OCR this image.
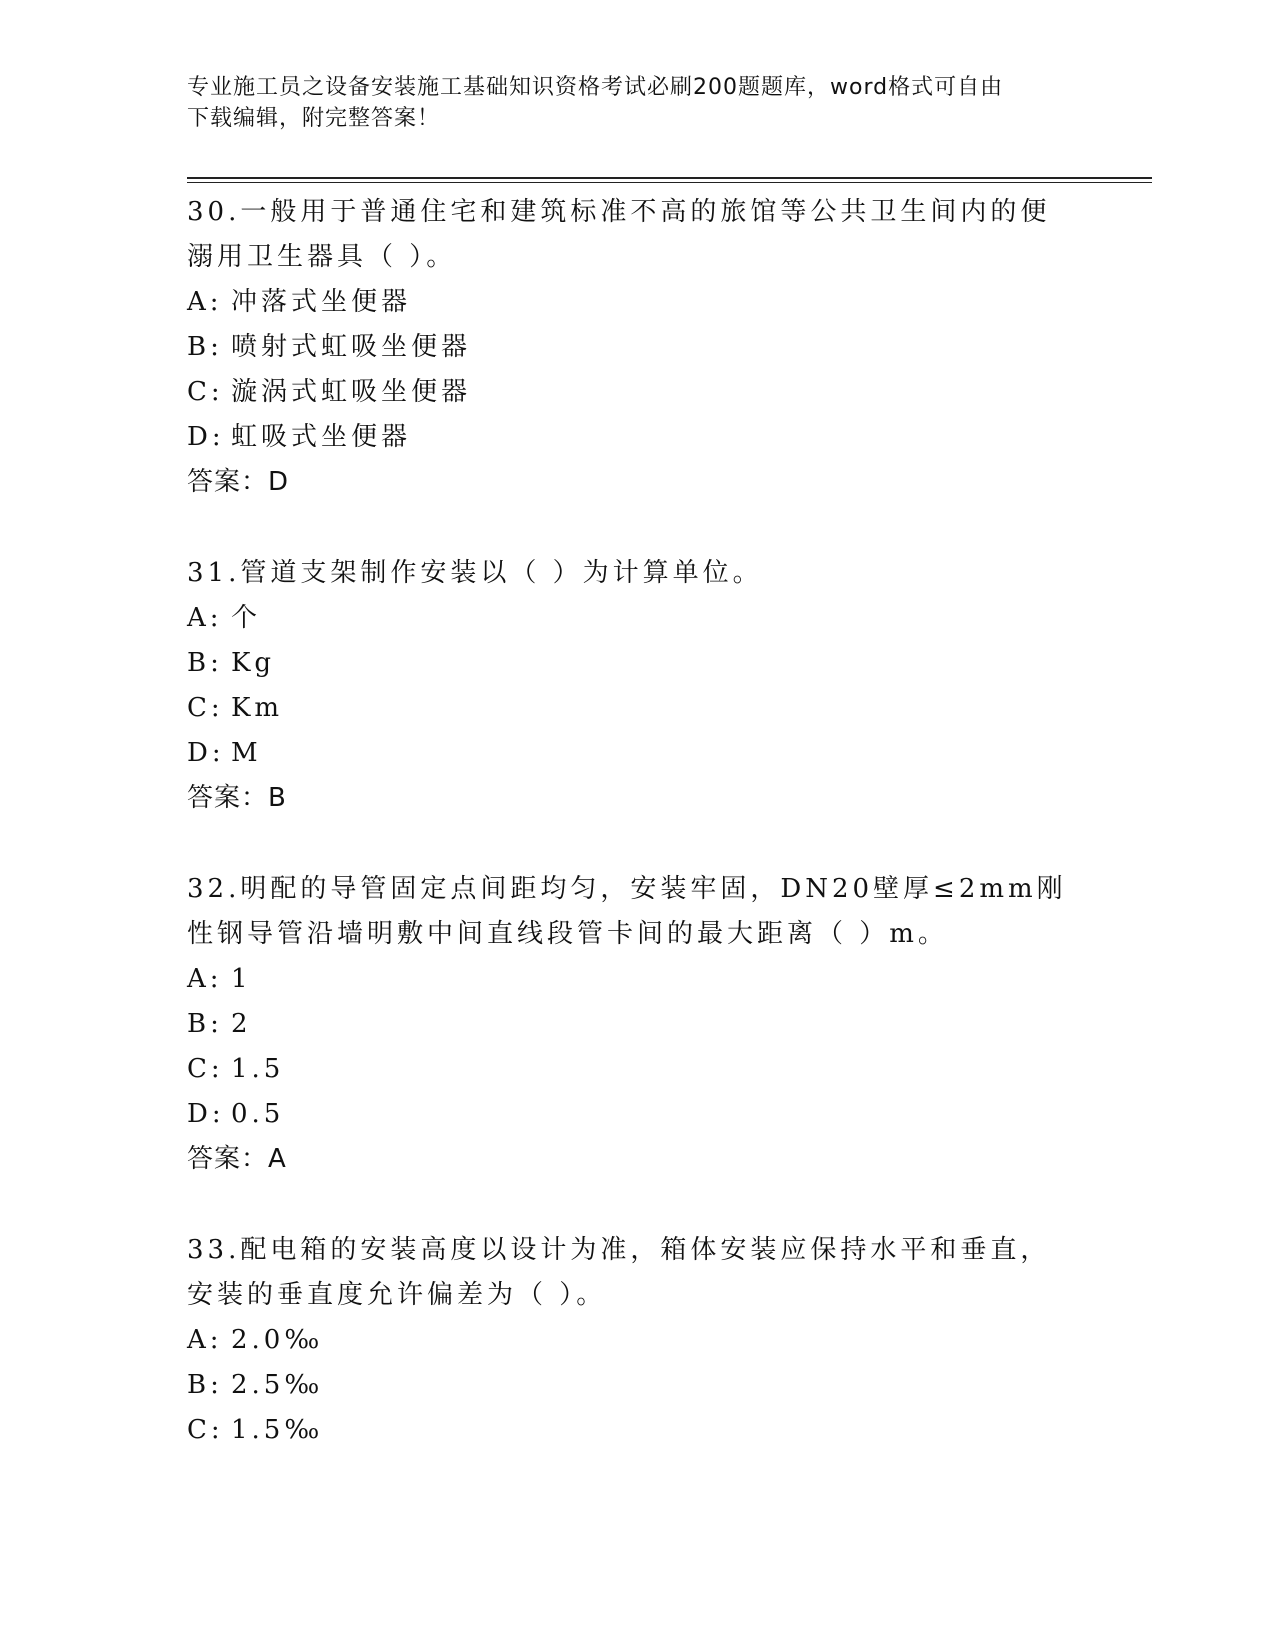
专业施工员之设备安装施工基础知识资格考试必刷200题题库，word格式可自由
下载编辑，附完整答案！
30.一般用于普通住宅和建筑标准不高的旅馆等公共卫生间内的便溺用卫生器具（ ）。
A: 冲落式坐便器
B: 喷射式虹吸坐便器
C: 漩涡式虹吸坐便器
D: 虹吸式坐便器
答案：D
31.管道支架制作安装以（ ）为计算单位。
A: 个
B: Kg
C: Km
D: M
答案：B
32.明配的导管固定点间距均匀，安装牢固，DN20壁厚≤2mm刚性钢导管沿墙明敷中间直线段管卡间的最大距离（ ）m。
A: 1
B: 2
C: 1.5
D: 0.5
答案：A
33.配电箱的安装高度以设计为准，箱体安装应保持水平和垂直，安装的垂直度允许偏差为（ ）。
A: 2.0‰
B: 2.5‰
C: 1.5‰
